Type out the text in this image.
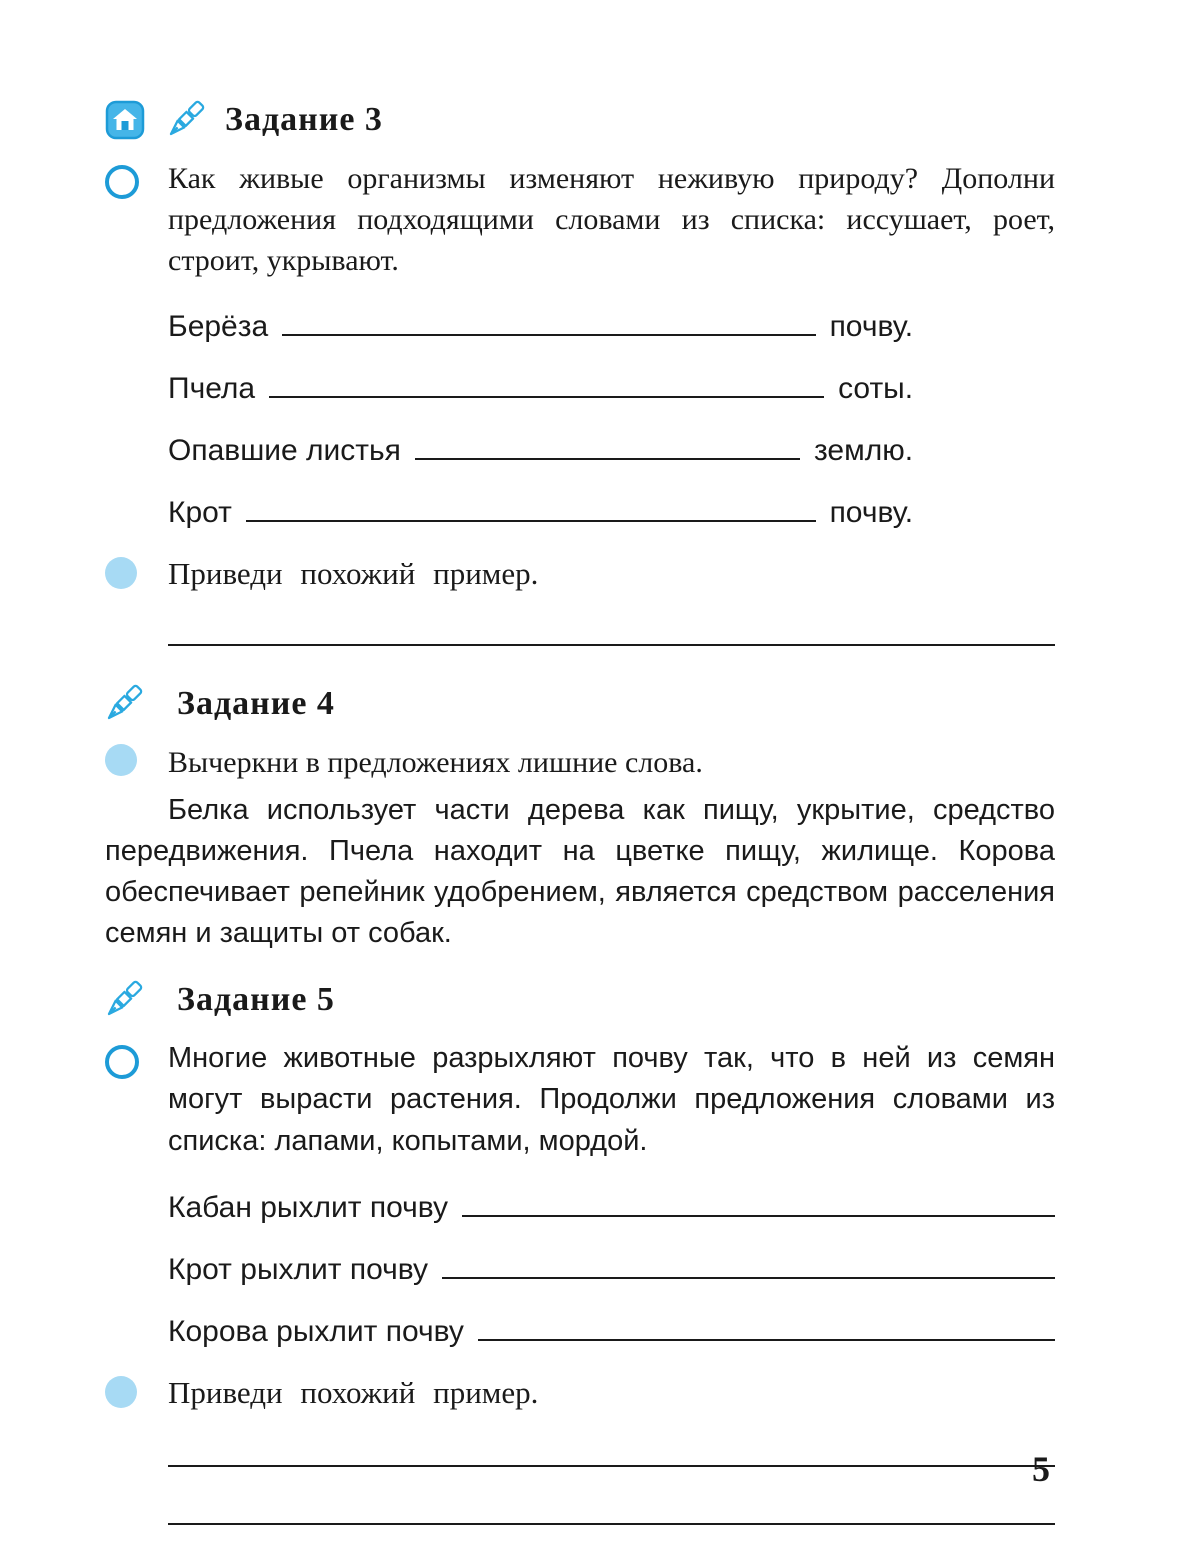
Задание 3

Как живые организмы изменяют неживую природу? Дополни предложения подходящими словами из списка: иссушает, роет, строит, укрывают.

Берёза	почву.
Пчела	соты.
Опавшие листья	землю.
Крот	почву.

Приведи похожий пример.

Задание 4

Вычеркни в предложениях лишние слова.

Белка использует части дерева как пищу, укрытие, средство передвижения. Пчела находит на цветке пищу, жилище. Корова обеспечивает репейник удобрением, является средством расселения семян и защиты от собак.

Задание 5

Многие животные разрыхляют почву так, что в ней из семян могут вырасти растения. Продолжи предложения словами из списка: лапами, копытами, мордой.

Кабан рыхлит почву
Крот рыхлит почву
Корова рыхлит почву

Приведи похожий пример.

5
